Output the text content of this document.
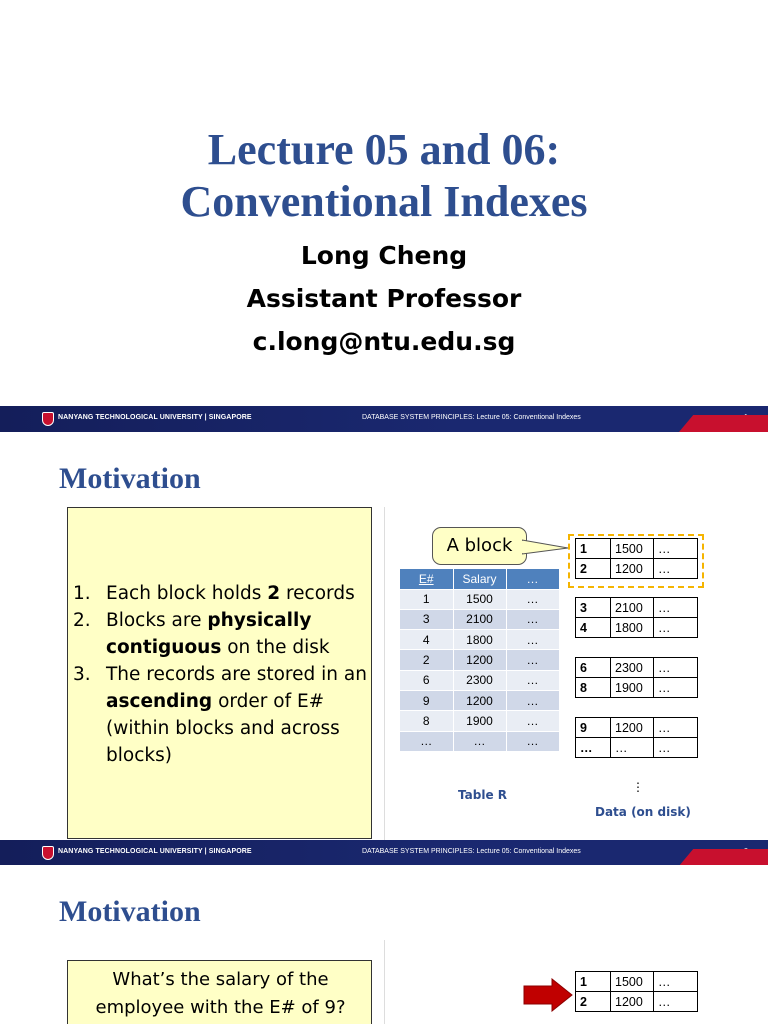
Lecture 05 and 06:
Conventional Indexes
Long Cheng
Assistant Professor
c.long@ntu.edu.sg
NANYANG TECHNOLOGICAL UNIVERSITY | SINGAPORE	DATABASE SYSTEM PRINCIPLES: Lecture 05: Conventional Indexes
Motivation
1. Each block holds 2 records
2. Blocks are physically contiguous on the disk
3. The records are stored in an ascending order of E# (within blocks and across blocks)
A block
E#	Salary	…
1	1500	…
3	2100	…
4	1800	…
2	1200	…
6	2300	…
9	1200	…
8	1900	…
…	…	…
Table R
1	1500	…
2	1200	…
3	2100	…
4	1800	…
6	2300	…
8	1900	…
9	1200	…
…	…	…
⋮
Data (on disk)
NANYANG TECHNOLOGICAL UNIVERSITY | SINGAPORE	DATABASE SYSTEM PRINCIPLES: Lecture 05: Conventional Indexes
Motivation
What’s the salary of the
employee with the E# of 9?
1	1500	…
2	1200	…
